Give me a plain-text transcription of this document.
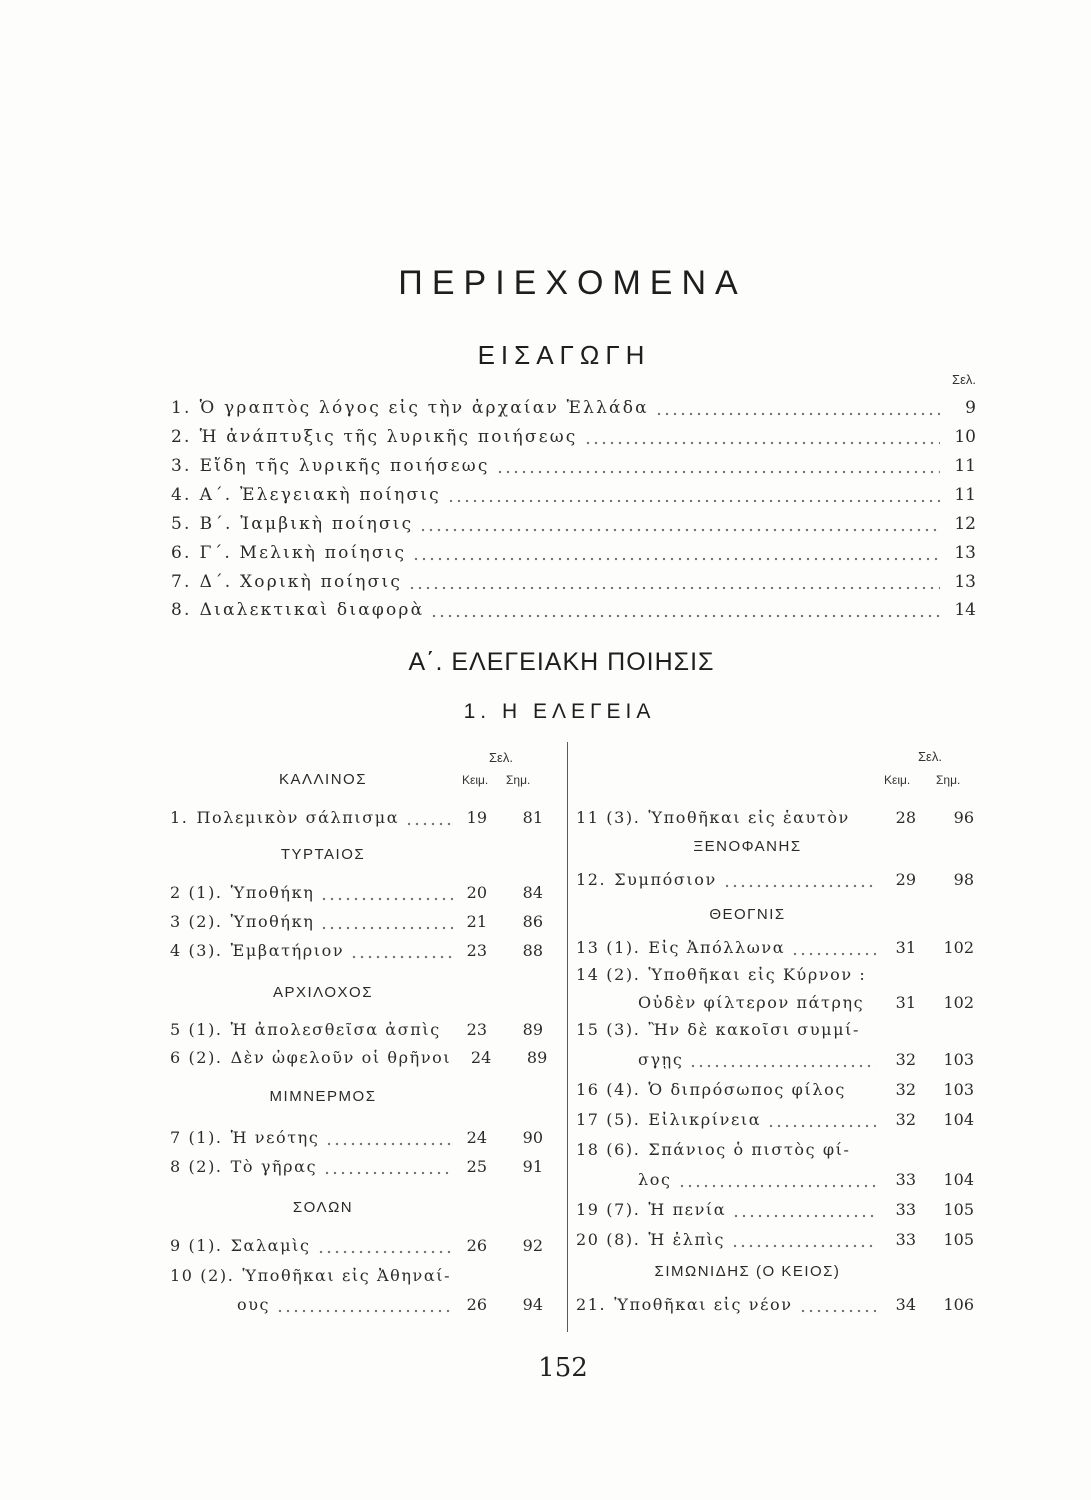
ΠΕΡΙΕΧΟΜΕΝΑ
ΕΙΣΑΓΩΓΗ
Σελ.
1. Ὁ γραπτὸς λόγος εἰς τὴν ἀρχαίαν Ἑλλάδα	9
2. Ἡ ἀνάπτυξις τῆς λυρικῆς ποιήσεως	10
3. Εἴδη τῆς λυρικῆς ποιήσεως	11
4. Α΄. Ἐλεγειακὴ ποίησις	11
5. Β΄. Ἰαμβικὴ ποίησις	12
6. Γ΄. Μελικὴ ποίησις	13
7. Δ΄. Χορικὴ ποίησις	13
8. Διαλεκτικαὶ διαφορὰ	14
Α΄. ΕΛΕΓΕΙΑΚΗ ΠΟΙΗΣΙΣ
1. Η ΕΛΕΓΕΙΑ
Σελ.
Κειμ. Σημ.
Σελ.
Κειμ. Σημ.
ΚΑΛΛΙΝΟΣ
1. Πολεμικὸν σάλπισμα	19	81
ΤΥΡΤΑΙΟΣ
2 (1). Ὑποθήκη	20	84
3 (2). Ὑποθήκη	21	86
4 (3). Ἐμβατήριον	23	88
ΑΡΧΙΛΟΧΟΣ
5 (1). Ἡ ἀπολεσθεῖσα ἀσπὶς	23	89
6 (2). Δὲν ὠφελοῦν οἱ θρῆνοι	24	89
ΜΙΜΝΕΡΜΟΣ
7 (1). Ἡ νεότης	24	90
8 (2). Τὸ γῆρας	25	91
ΣΟΛΩΝ
9 (1). Σαλαμὶς	26	92
10 (2). Ὑποθῆκαι εἰς Ἀθηναί-
ους	26	94
11 (3). Ὑποθῆκαι εἰς ἑαυτὸν	28	96
ΞΕΝΟΦΑΝΗΣ
12. Συμπόσιον	29	98
ΘΕΟΓΝΙΣ
13 (1). Εἰς Ἀπόλλωνα	31	102
14 (2). Ὑποθῆκαι εἰς Κύρνον :
Οὐδὲν φίλτερον πάτρης	31	102
15 (3). Ἢν δὲ κακοῖσι συμμί-
σγῃς	32	103
16 (4). Ὁ διπρόσωπος φίλος	32	103
17 (5). Εἰλικρίνεια	32	104
18 (6). Σπάνιος ὁ πιστὸς φί-
λος	33	104
19 (7). Ἡ πενία	33	105
20 (8). Ἡ ἐλπὶς	33	105
ΣΙΜΩΝΙΔΗΣ (Ο ΚΕΙΟΣ)
21. Ὑποθῆκαι εἰς νέον	34	106
152
